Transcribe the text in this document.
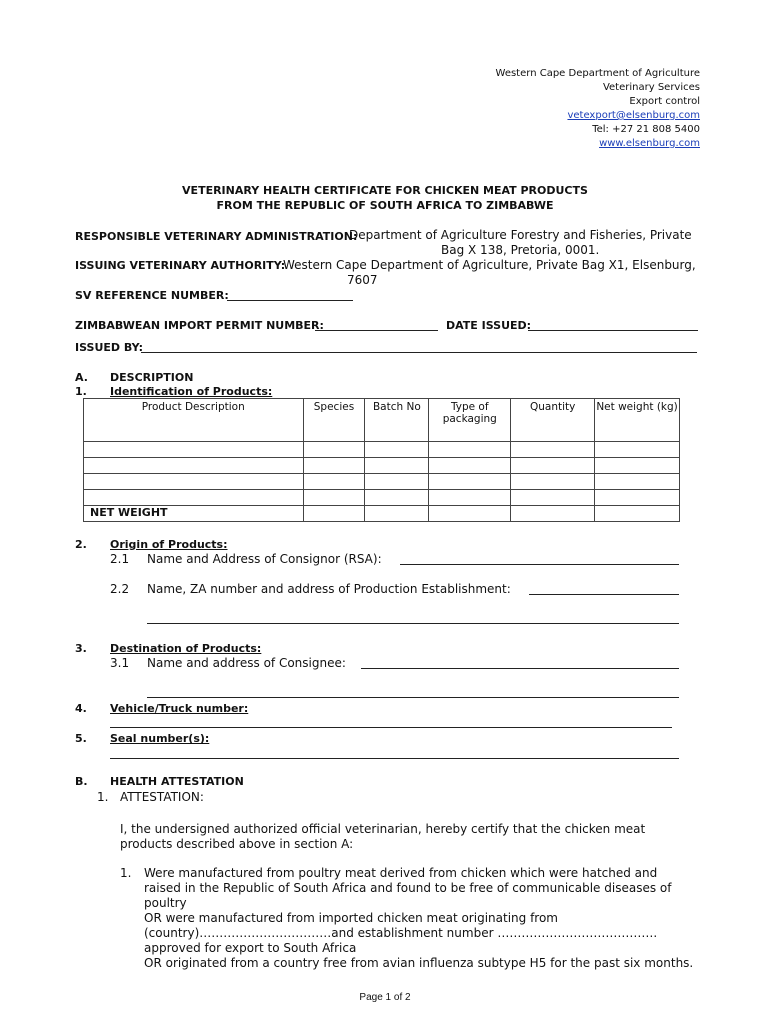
Western Cape Department of Agriculture
Veterinary Services
Export control
vetexport@elsenburg.com
Tel: +27 21 808 5400
www.elsenburg.com
VETERINARY HEALTH CERTIFICATE FOR CHICKEN MEAT PRODUCTS
FROM THE REPUBLIC OF SOUTH AFRICA TO ZIMBABWE
RESPONSIBLE VETERINARY ADMINISTRATION:
Department of Agriculture Forestry and Fisheries, Private
Bag X 138, Pretoria, 0001.
ISSUING VETERINARY AUTHORITY:
Western Cape Department of Agriculture, Private Bag X1, Elsenburg,
7607
SV REFERENCE NUMBER:
ZIMBABWEAN IMPORT PERMIT NUMBER:	DATE ISSUED:
ISSUED BY:
A. DESCRIPTION
1. Identification of Products:
Product Description	Species	Batch No	Type of packaging	Quantity	Net weight (kg)

NET WEIGHT					
2. Origin of Products:
2.1 Name and Address of Consignor (RSA):
2.2 Name, ZA number and address of Production Establishment:
3. Destination of Products:
3.1 Name and address of Consignee:
4. Vehicle/Truck number:
5. Seal number(s):
B. HEALTH ATTESTATION
1. ATTESTATION:
I, the undersigned authorized official veterinarian, hereby certify that the chicken meat
products described above in section A:
1. Were manufactured from poultry meat derived from chicken which were hatched and
raised in the Republic of South Africa and found to be free of communicable diseases of
poultry
OR were manufactured from imported chicken meat originating from
(country)……………………………and establishment number ………………………………….
approved for export to South Africa
OR originated from a country free from avian influenza subtype H5 for the past six months.
Page 1 of 2
